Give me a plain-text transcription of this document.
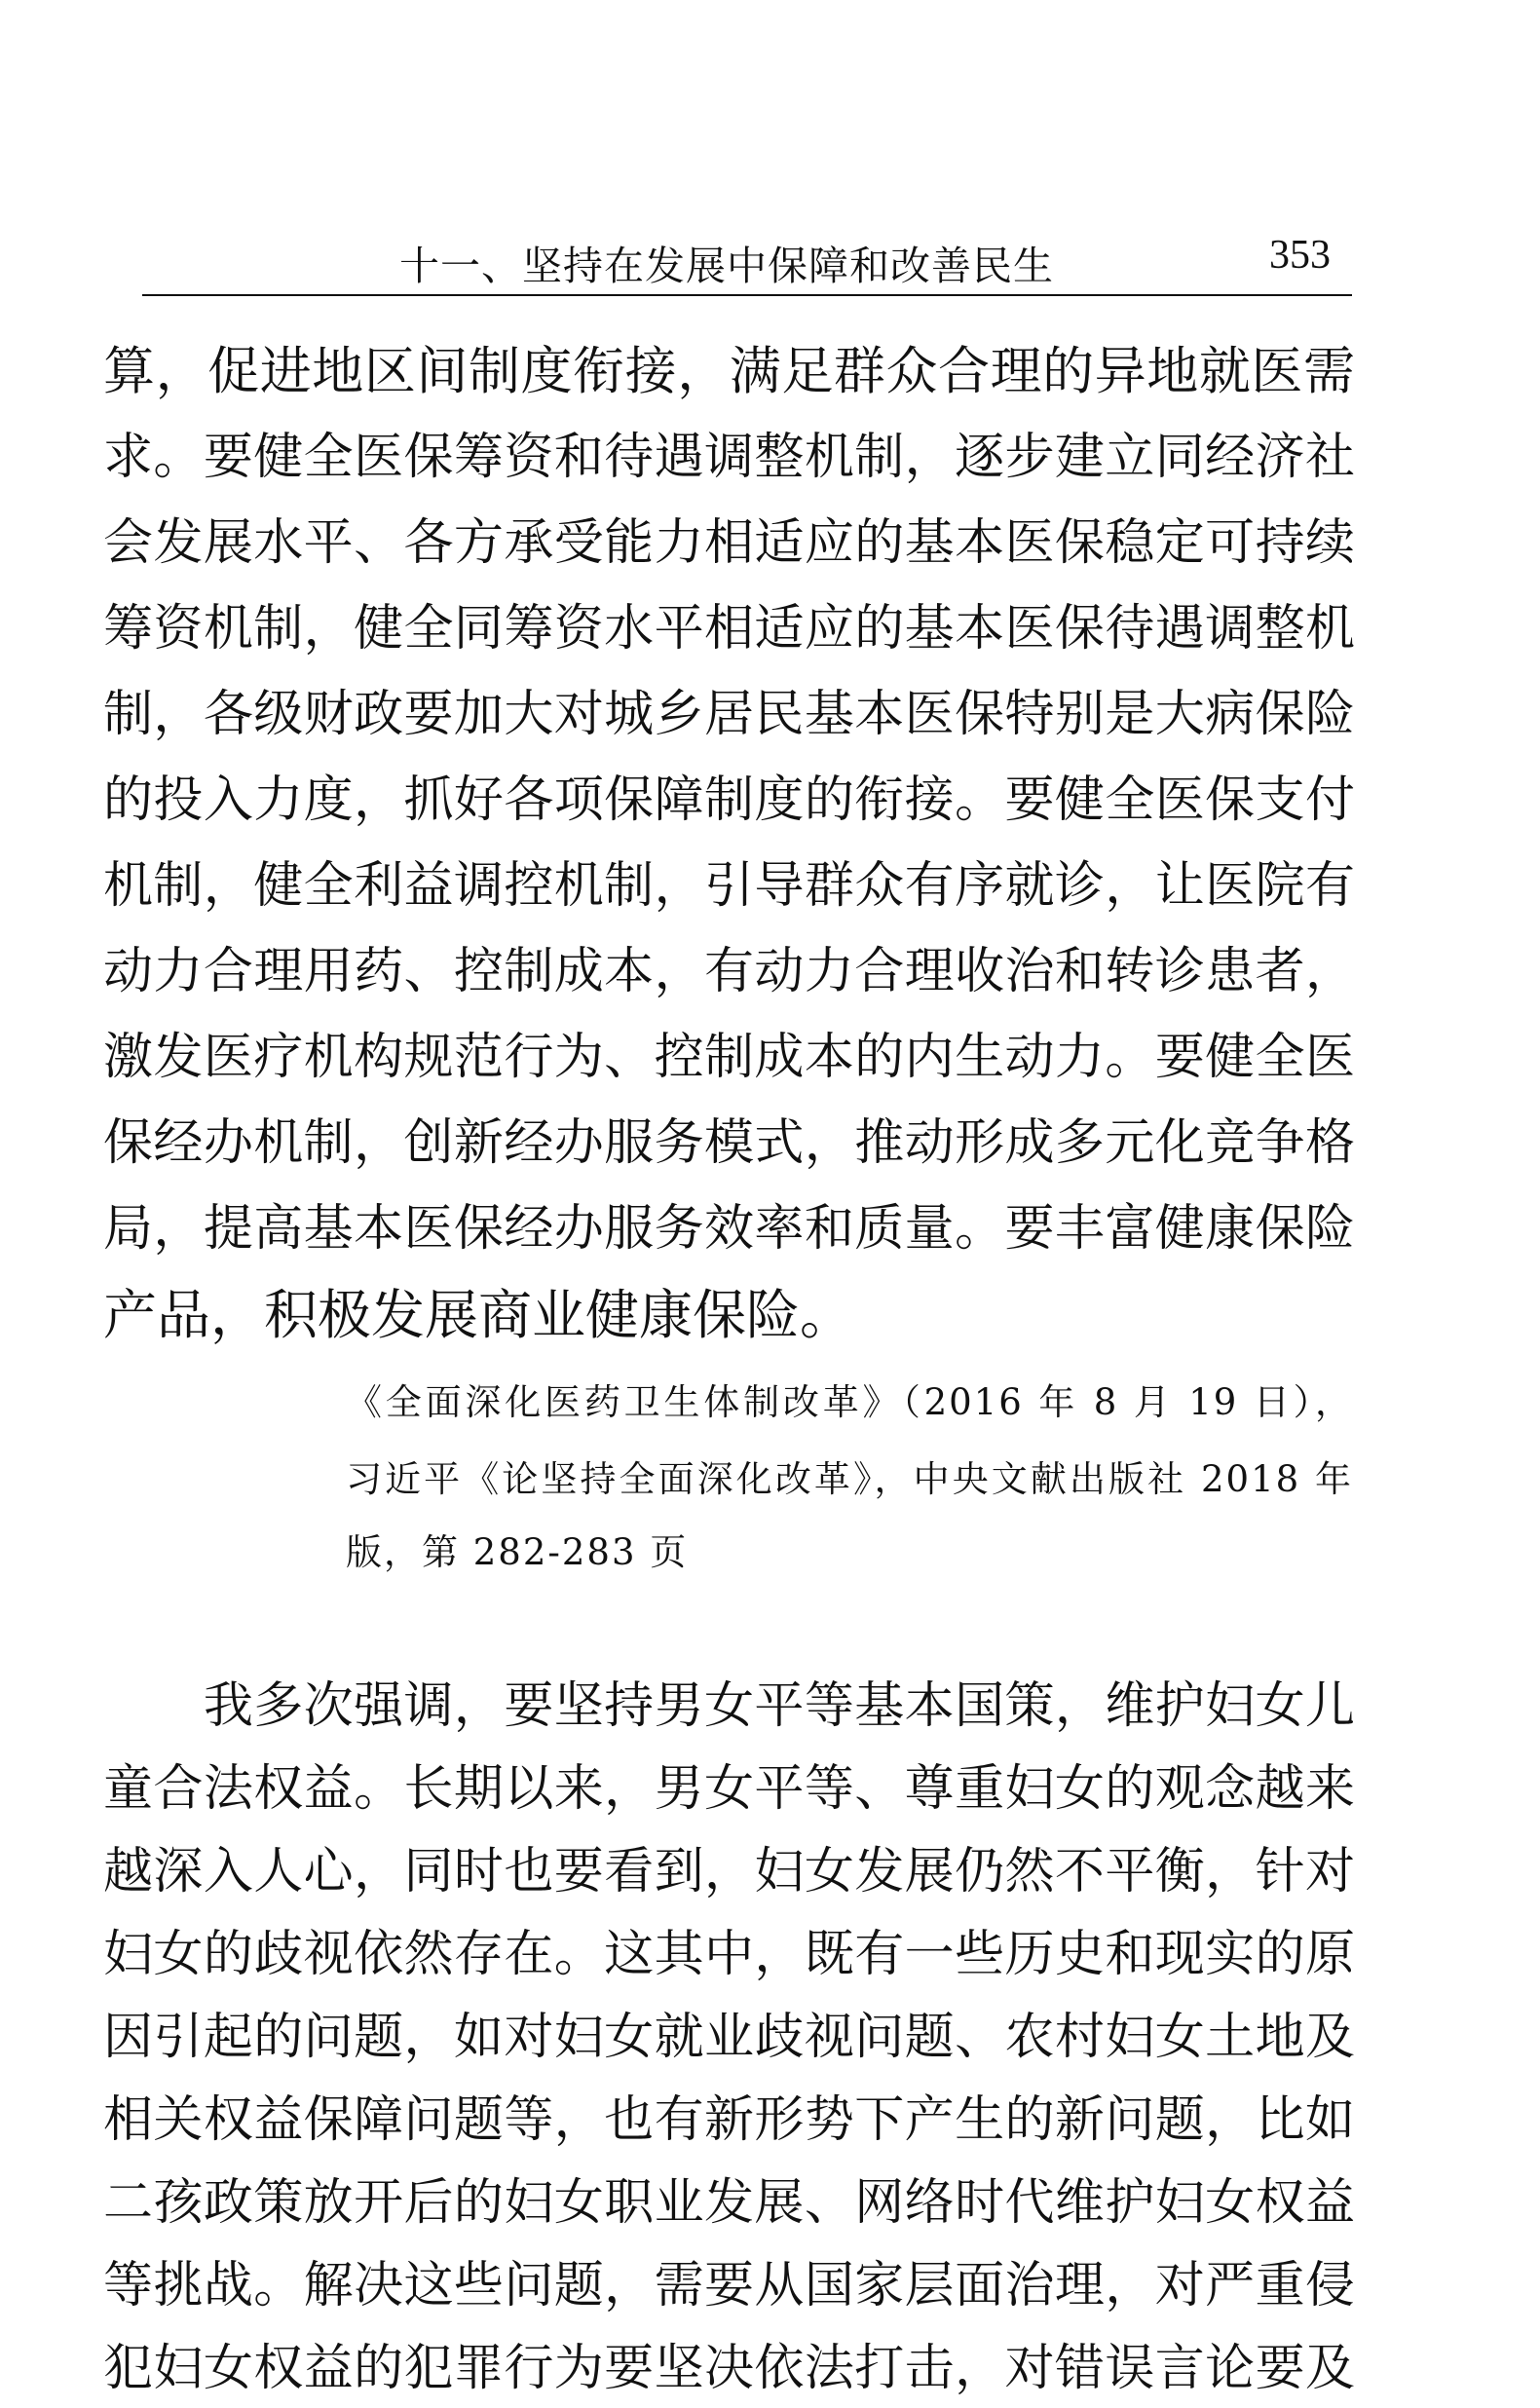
十一、坚持在发展中保障和改善民生	353
算，促进地区间制度衔接，满足群众合理的异地就医需
求。要健全医保筹资和待遇调整机制，逐步建立同经济社
会发展水平、各方承受能力相适应的基本医保稳定可持续
筹资机制，健全同筹资水平相适应的基本医保待遇调整机
制，各级财政要加大对城乡居民基本医保特别是大病保险
的投入力度，抓好各项保障制度的衔接。要健全医保支付
机制，健全利益调控机制，引导群众有序就诊，让医院有
动力合理用药、控制成本，有动力合理收治和转诊患者，
激发医疗机构规范行为、控制成本的内生动力。要健全医
保经办机制，创新经办服务模式，推动形成多元化竞争格
局，提高基本医保经办服务效率和质量。要丰富健康保险
产品，积极发展商业健康保险。
《全面深化医药卫生体制改革》（2016 年 8 月 19 日），
习近平《论坚持全面深化改革》，中央文献出版社 2018 年
版，第 282-283 页
　　我多次强调，要坚持男女平等基本国策，维护妇女儿
童合法权益。长期以来，男女平等、尊重妇女的观念越来
越深入人心，同时也要看到，妇女发展仍然不平衡，针对
妇女的歧视依然存在。这其中，既有一些历史和现实的原
因引起的问题，如对妇女就业歧视问题、农村妇女土地及
相关权益保障问题等，也有新形势下产生的新问题，比如
二孩政策放开后的妇女职业发展、网络时代维护妇女权益
等挑战。解决这些问题，需要从国家层面治理，对严重侵
犯妇女权益的犯罪行为要坚决依法打击，对错误言论要及
